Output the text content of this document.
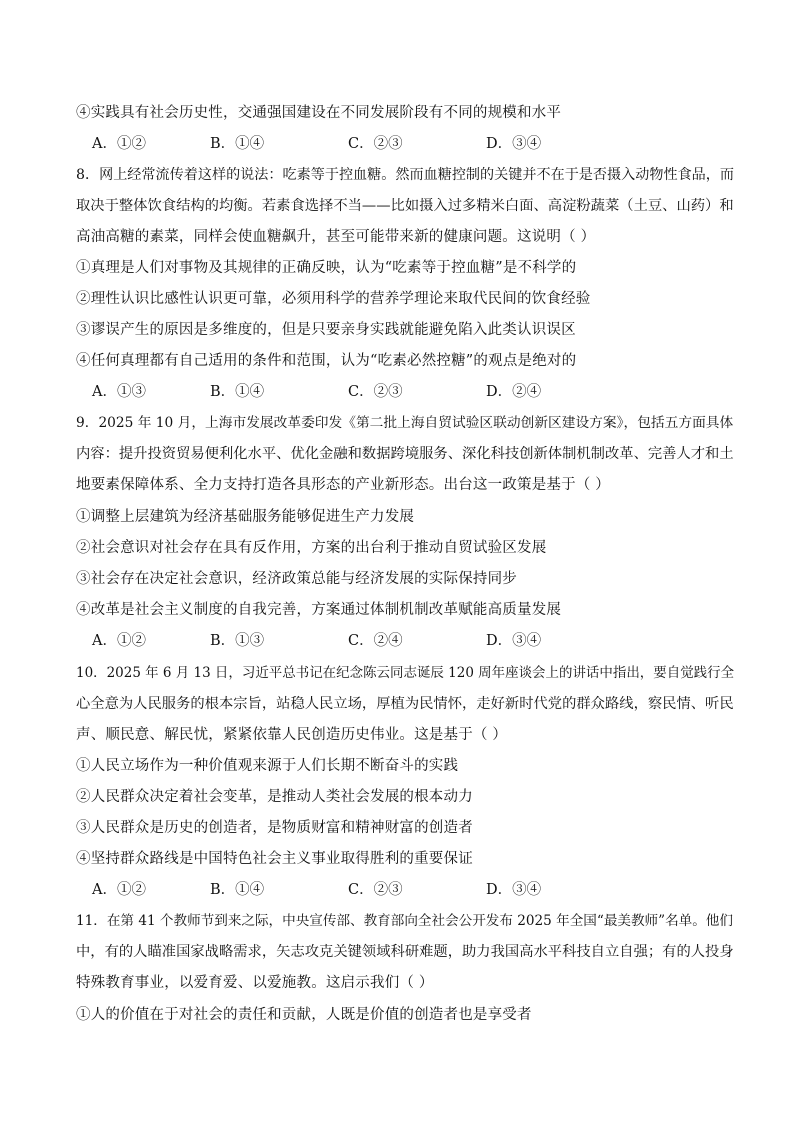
④实践具有社会历史性，交通强国建设在不同发展阶段有不同的规模和水平
A．①②	B．①④	C．②③	D．③④
8．网上经常流传着这样的说法：吃素等于控血糖。然而血糖控制的关键并不在于是否摄入动物性食品，而
取决于整体饮食结构的均衡。若素食选择不当——比如摄入过多精米白面、高淀粉蔬菜（土豆、山药）和
高油高糖的素菜，同样会使血糖飙升，甚至可能带来新的健康问题。这说明（ ）
①真理是人们对事物及其规律的正确反映，认为“吃素等于控血糖”是不科学的
②理性认识比感性认识更可靠，必须用科学的营养学理论来取代民间的饮食经验
③谬误产生的原因是多维度的，但是只要亲身实践就能避免陷入此类认识误区
④任何真理都有自己适用的条件和范围，认为“吃素必然控糖”的观点是绝对的
A．①③	B．①④	C．②③	D．②④
9．2025 年 10 月，上海市发展改革委印发《第二批上海自贸试验区联动创新区建设方案》，包括五方面具体
内容：提升投资贸易便利化水平、优化金融和数据跨境服务、深化科技创新体制机制改革、完善人才和土
地要素保障体系、全力支持打造各具形态的产业新形态。出台这一政策是基于（ ）
①调整上层建筑为经济基础服务能够促进生产力发展
②社会意识对社会存在具有反作用，方案的出台利于推动自贸试验区发展
③社会存在决定社会意识，经济政策总能与经济发展的实际保持同步
④改革是社会主义制度的自我完善，方案通过体制机制改革赋能高质量发展
A．①②	B．①③	C．②④	D．③④
10．2025 年 6 月 13 日，习近平总书记在纪念陈云同志诞辰 120 周年座谈会上的讲话中指出，要自觉践行全
心全意为人民服务的根本宗旨，站稳人民立场，厚植为民情怀，走好新时代党的群众路线，察民情、听民
声、顺民意、解民忧，紧紧依靠人民创造历史伟业。这是基于（ ）
①人民立场作为一种价值观来源于人们长期不断奋斗的实践
②人民群众决定着社会变革，是推动人类社会发展的根本动力
③人民群众是历史的创造者，是物质财富和精神财富的创造者
④坚持群众路线是中国特色社会主义事业取得胜利的重要保证
A．①②	B．①④	C．②③	D．③④
11．在第 41 个教师节到来之际，中央宣传部、教育部向全社会公开发布 2025 年全国“最美教师”名单。他们
中，有的人瞄准国家战略需求，矢志攻克关键领域科研难题，助力我国高水平科技自立自强；有的人投身
特殊教育事业，以爱育爱、以爱施教。这启示我们（ ）
①人的价值在于对社会的责任和贡献，人既是价值的创造者也是享受者
